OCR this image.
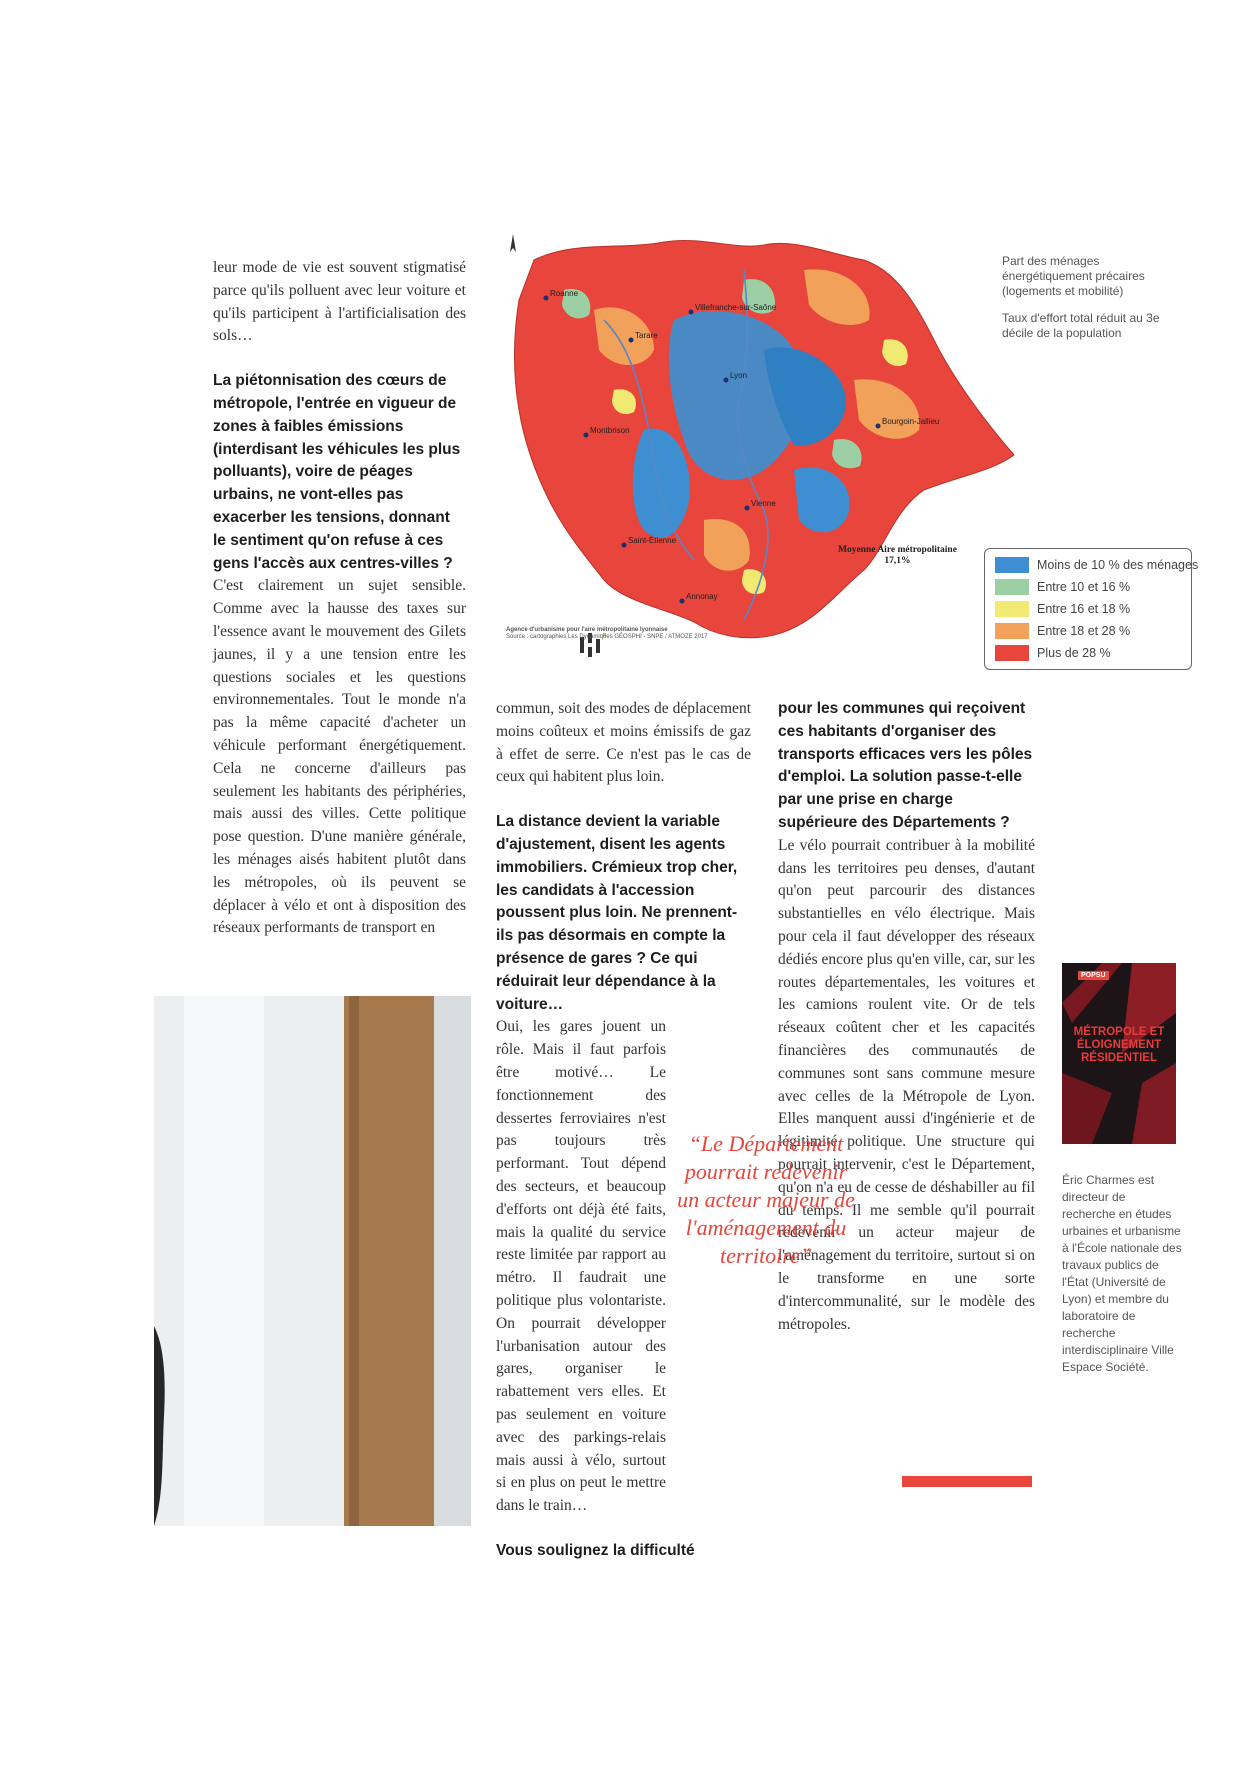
leur mode de vie est souvent stigmatisé parce qu'ils polluent avec leur voiture et qu'ils participent à l'artificialisation des sols…

La piétonnisation des cœurs de métropole, l'entrée en vigueur de zones à faibles émissions (interdisant les véhicules les plus polluants), voire de péages urbains, ne vont-elles pas exacerber les tensions, donnant le sentiment qu'on refuse à ces gens l'accès aux centres-villes ?

C'est clairement un sujet sensible. Comme avec la hausse des taxes sur l'essence avant le mouvement des Gilets jaunes, il y a une tension entre les questions sociales et les questions environnementales. Tout le monde n'a pas la même capacité d'acheter un véhicule performant énergétiquement. Cela ne concerne d'ailleurs pas seulement les habitants des périphéries, mais aussi des villes. Cette politique pose question. D'une manière générale, les ménages aisés habitent plutôt dans les métropoles, où ils peuvent se déplacer à vélo et ont à disposition des réseaux performants de transport en

Villefranche-sur-Saône
Roanne
Tarare
Lyon
Montbrison
Bourgoin-Jallieu
Vienne
Saint-Étienne
Annonay
Moyenne Aire métropolitaine
17,1%
Agence d'urbanisme pour l'aire métropolitaine lyonnaise
Source : cartographies Les Dynamiques GÉOSPHI - SNPE / ATMOZE 2017
Part des ménages énergétiquement précaires (logements et mobilité)
Taux d'effort total réduit au 3e décile de la population
Moins de 10 % des ménages
Entre 10 et 16 %
Entre 16 et 18 %
Entre 18 et 28 %
Plus de 28 %

commun, soit des modes de déplacement moins coûteux et moins émissifs de gaz à effet de serre. Ce n'est pas le cas de ceux qui habitent plus loin.

La distance devient la variable d'ajustement, disent les agents immobiliers. Crémieux trop cher, les candidats à l'accession poussent plus loin. Ne prennent-ils pas désormais en compte la présence de gares ? Ce qui réduirait leur dépendance à la voiture…

Oui, les gares jouent un rôle. Mais il faut parfois être motivé… Le fonctionnement des dessertes ferroviaires n'est pas toujours très performant. Tout dépend des secteurs, et beaucoup d'efforts ont déjà été faits, mais la qualité du service reste limitée par rapport au métro. Il faudrait une politique plus volontariste. On pourrait développer l'urbanisation autour des gares, organiser le rabattement vers elles. Et pas seulement en voiture avec des parkings-relais mais aussi à vélo, surtout si en plus on peut le mettre dans le train…

Vous soulignez la difficulté

pour les communes qui reçoivent ces habitants d'organiser des transports efficaces vers les pôles d'emploi. La solution passe-t-elle par une prise en charge supérieure des Départements ?

Le vélo pourrait contribuer à la mobilité dans les territoires peu denses, d'autant qu'on peut parcourir des distances substantielles en vélo électrique. Mais pour cela il faut développer des réseaux dédiés encore plus qu'en ville, car, sur les routes départementales, les voitures et les camions roulent vite. Or de tels réseaux coûtent cher et les capacités financières des communautés de communes sont sans commune mesure avec celles de la Métropole de Lyon. Elles manquent aussi d'ingénierie et de légitimité politique. Une structure qui pourrait intervenir, c'est le Département, qu'on n'a eu de cesse de déshabiller au fil du temps. Il me semble qu'il pourrait redevenir un acteur majeur de l'aménagement du territoire, surtout si on le transforme en une sorte d'intercommunalité, sur le modèle des métropoles.

“Le Département pourrait redevenir un acteur majeur de l'aménagement du territoire”
POPSU
MÉTROPOLE ET ÉLOIGNEMENT RÉSIDENTIEL
Éric Charmes est directeur de recherche en études urbaines et urbanisme à l'École nationale des travaux publics de l'État (Université de Lyon) et membre du laboratoire de recherche interdisciplinaire Ville Espace Société.
